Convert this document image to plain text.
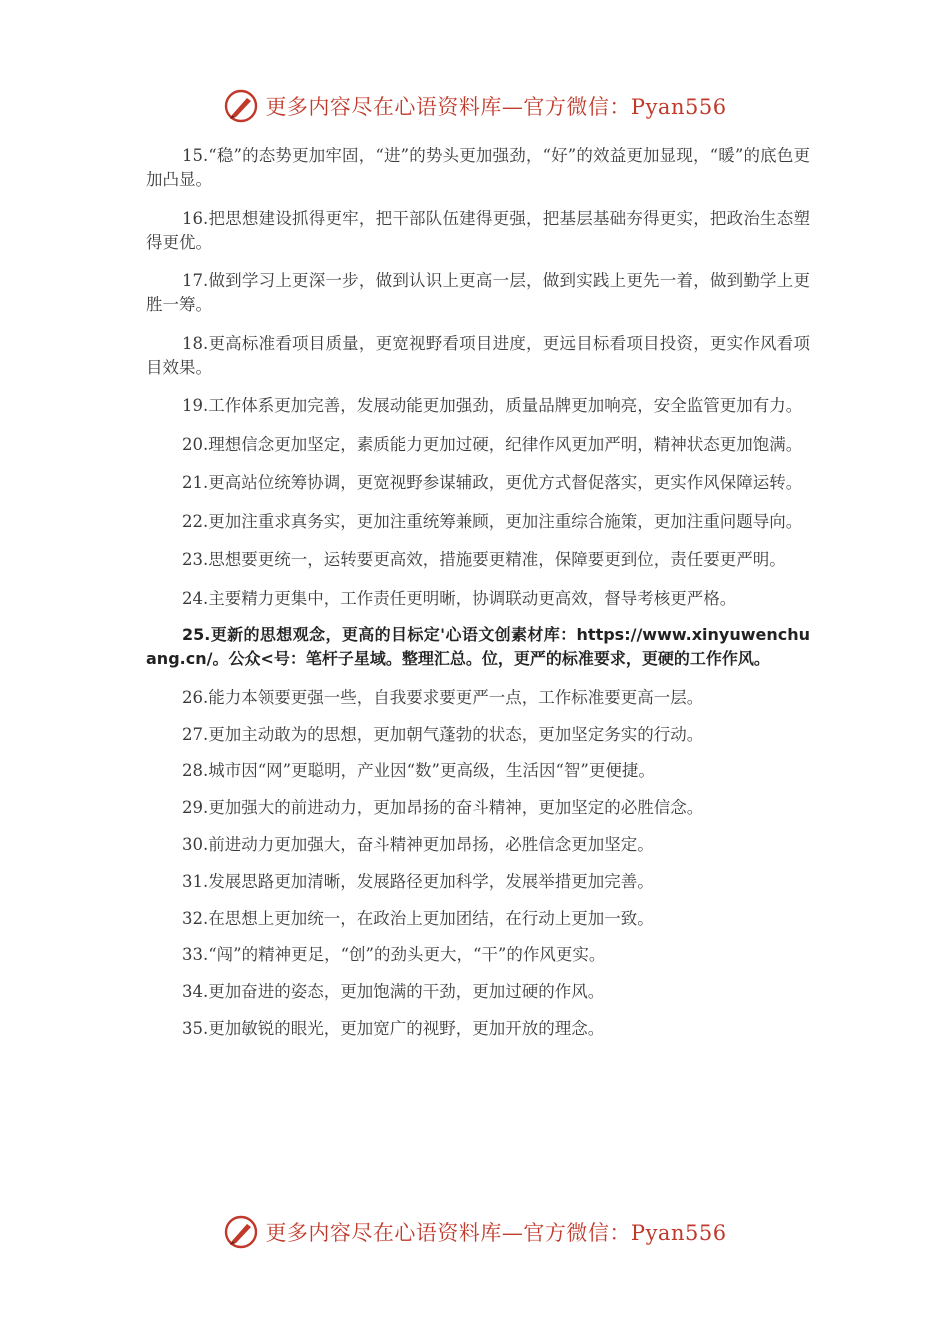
更多内容尽在心语资料库—官方微信：Pyan556

15.“稳”的态势更加牢固，“进”的势头更加强劲，“好”的效益更加显现，“暖”的底色更加凸显。

16.把思想建设抓得更牢，把干部队伍建得更强，把基层基础夯得更实，把政治生态塑得更优。

17.做到学习上更深一步，做到认识上更高一层，做到实践上更先一着，做到勤学上更胜一筹。

18.更高标准看项目质量，更宽视野看项目进度，更远目标看项目投资，更实作风看项目效果。

19.工作体系更加完善，发展动能更加强劲，质量品牌更加响亮，安全监管更加有力。

20.理想信念更加坚定，素质能力更加过硬，纪律作风更加严明，精神状态更加饱满。

21.更高站位统筹协调，更宽视野参谋辅政，更优方式督促落实，更实作风保障运转。

22.更加注重求真务实，更加注重统筹兼顾，更加注重综合施策，更加注重问题导向。

23.思想要更统一，运转要更高效，措施要更精准，保障要更到位，责任要更严明。

24.主要精力更集中，工作责任更明晰，协调联动更高效，督导考核更严格。

25.更新的思想观念，更高的目标定'心语文创素材库：https://www.xinyuwenchuang.cn/。公众<号：笔杆子星域。整理汇总。位，更严的标准要求，更硬的工作作风。

26.能力本领要更强一些，自我要求要更严一点，工作标准要更高一层。

27.更加主动敢为的思想，更加朝气蓬勃的状态，更加坚定务实的行动。

28.城市因“网”更聪明，产业因“数”更高级，生活因“智”更便捷。

29.更加强大的前进动力，更加昂扬的奋斗精神，更加坚定的必胜信念。

30.前进动力更加强大，奋斗精神更加昂扬，必胜信念更加坚定。

31.发展思路更加清晰，发展路径更加科学，发展举措更加完善。

32.在思想上更加统一，在政治上更加团结，在行动上更加一致。

33.“闯”的精神更足，“创”的劲头更大，“干”的作风更实。

34.更加奋进的姿态，更加饱满的干劲，更加过硬的作风。

35.更加敏锐的眼光，更加宽广的视野，更加开放的理念。

更多内容尽在心语资料库—官方微信：Pyan556
